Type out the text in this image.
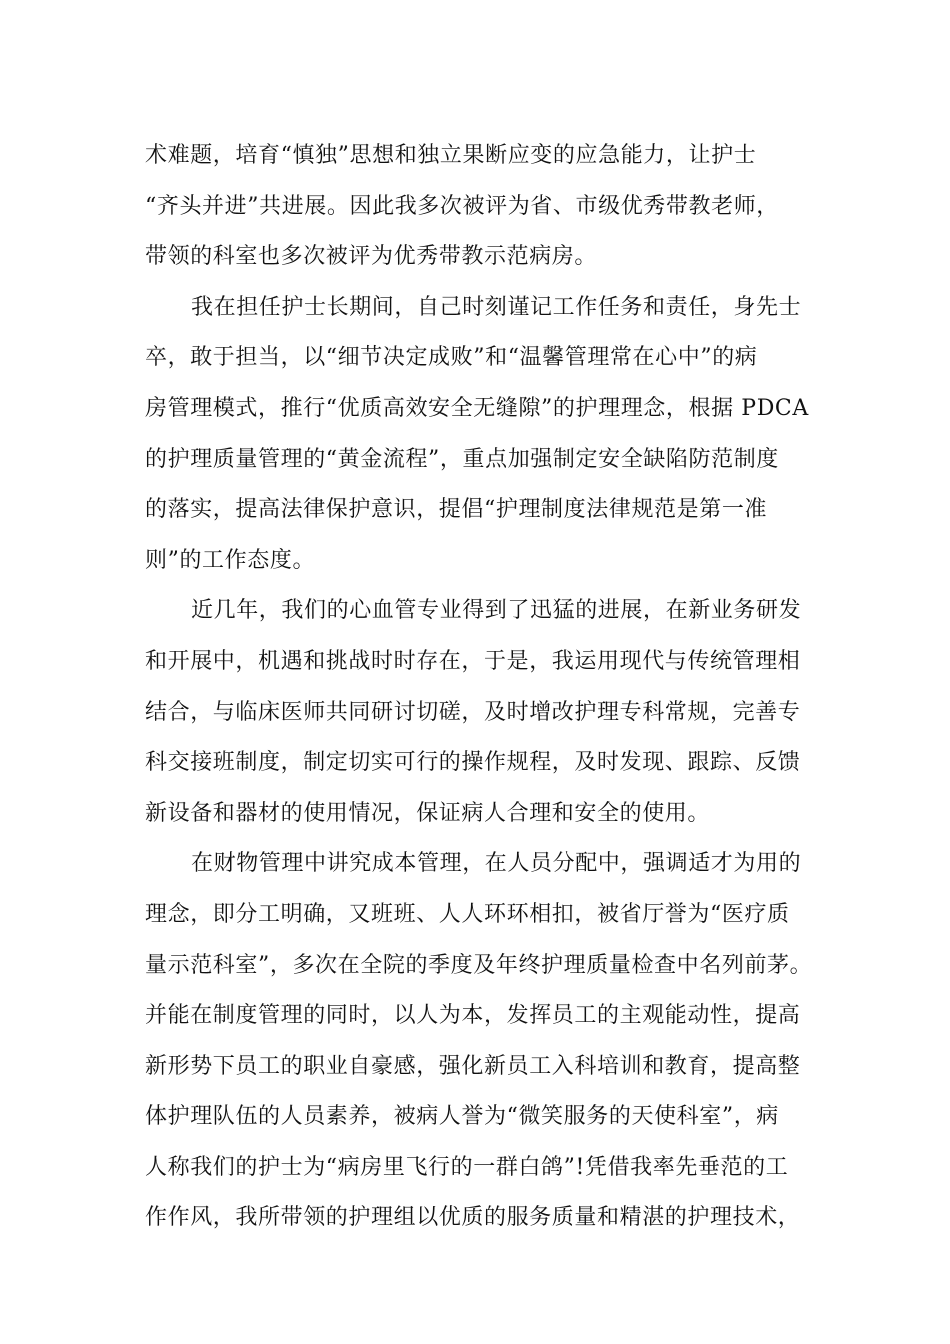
术难题，培育“慎独”思想和独立果断应变的应急能力，让护士
“齐头并进”共进展。因此我多次被评为省、市级优秀带教老师，
带领的科室也多次被评为优秀带教示范病房。
我在担任护士长期间，自己时刻谨记工作任务和责任，身先士
卒，敢于担当，以“细节决定成败”和“温馨管理常在心中”的病
房管理模式，推行“优质高效安全无缝隙”的护理理念，根据 PDCA
的护理质量管理的“黄金流程”，重点加强制定安全缺陷防范制度
的落实，提高法律保护意识，提倡“护理制度法律规范是第一准
则”的工作态度。
近几年，我们的心血管专业得到了迅猛的进展，在新业务研发
和开展中，机遇和挑战时时存在，于是，我运用现代与传统管理相
结合，与临床医师共同研讨切磋，及时增改护理专科常规，完善专
科交接班制度，制定切实可行的操作规程，及时发现、跟踪、反馈
新设备和器材的使用情况，保证病人合理和安全的使用。
在财物管理中讲究成本管理，在人员分配中，强调适才为用的
理念，即分工明确，又班班、人人环环相扣，被省厅誉为“医疗质
量示范科室”，多次在全院的季度及年终护理质量检查中名列前茅。
并能在制度管理的同时，以人为本，发挥员工的主观能动性，提高
新形势下员工的职业自豪感，强化新员工入科培训和教育，提高整
体护理队伍的人员素养，被病人誉为“微笑服务的天使科室”，病
人称我们的护士为“病房里飞行的一群白鸽”!凭借我率先垂范的工
作作风，我所带领的护理组以优质的服务质量和精湛的护理技术，
